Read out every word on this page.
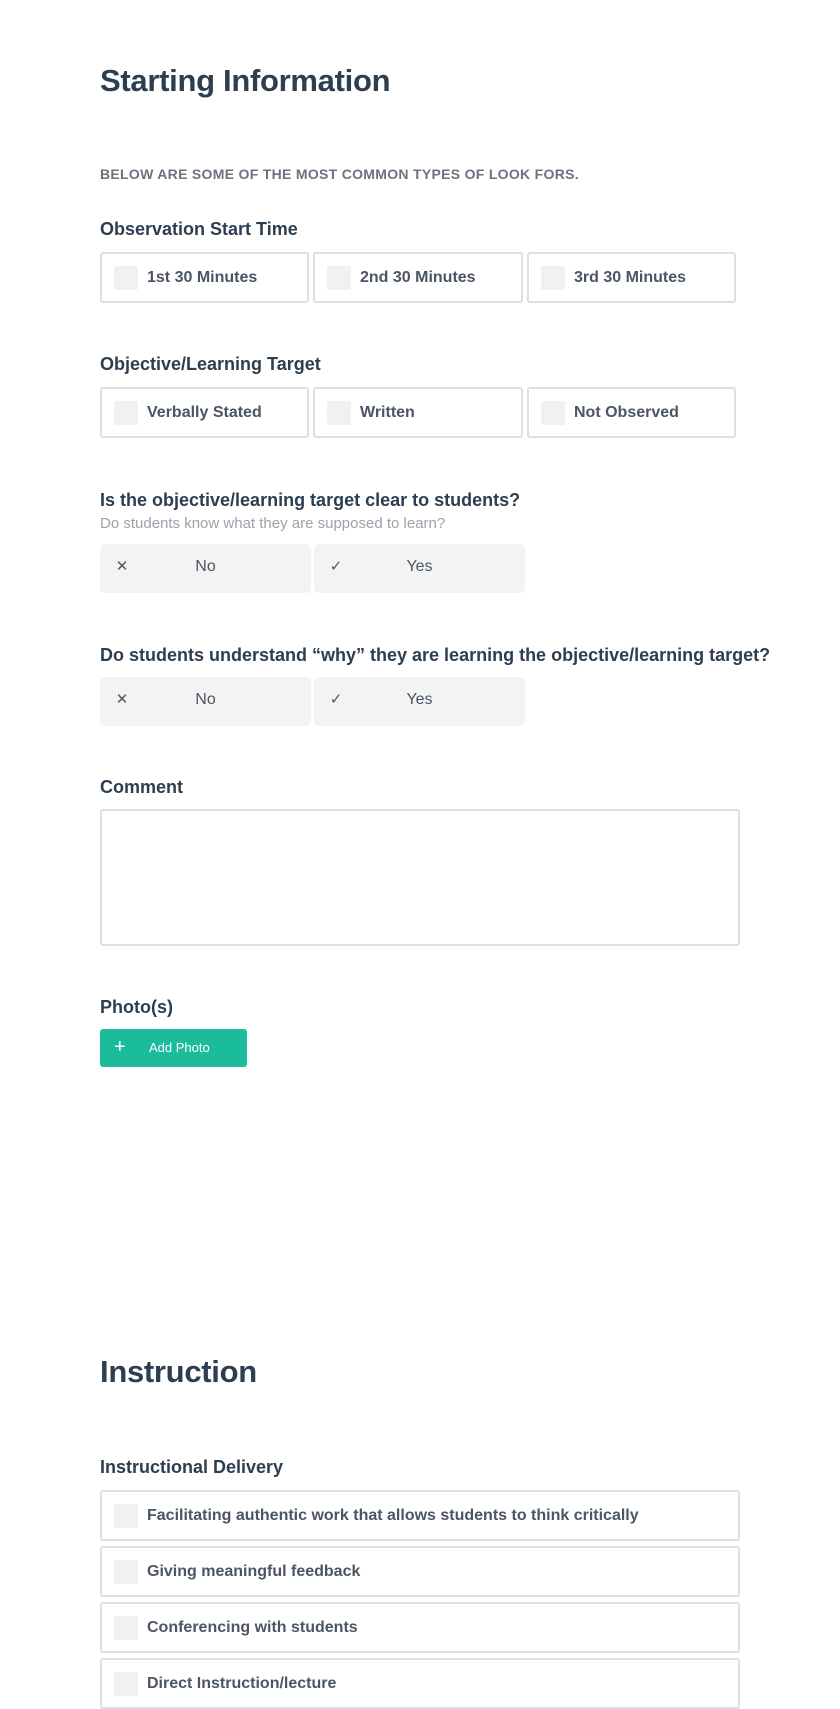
Starting Information
BELOW ARE SOME OF THE MOST COMMON TYPES OF LOOK FORS.
Observation Start Time
1st 30 Minutes	2nd 30 Minutes	3rd 30 Minutes
Objective/Learning Target
Verbally Stated	Written	Not Observed
Is the objective/learning target clear to students?
Do students know what they are supposed to learn?
✕	No	✓	Yes
Do students understand “why” they are learning the objective/learning target?
✕	No	✓	Yes
Comment
Photo(s)
+ Add Photo
Instruction
Instructional Delivery
Facilitating authentic work that allows students to think critically
Giving meaningful feedback
Conferencing with students
Direct Instruction/lecture
